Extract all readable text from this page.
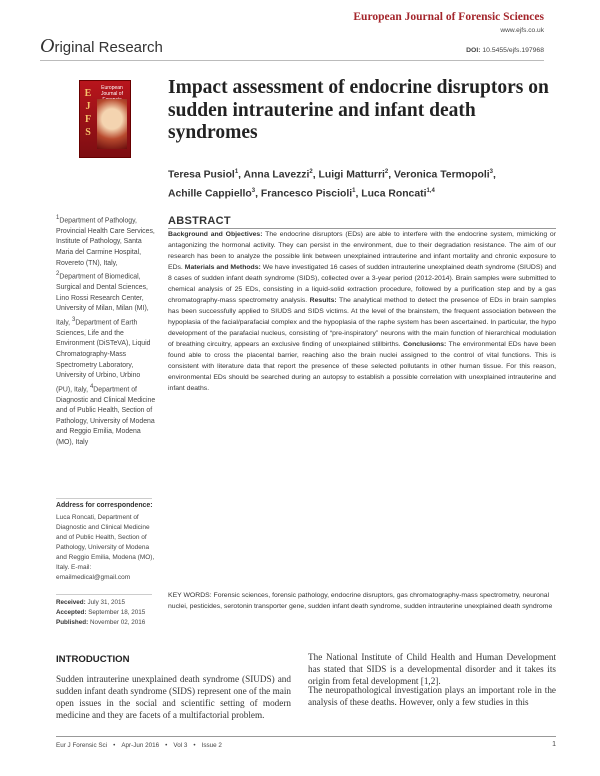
European Journal of Forensic Sciences
www.ejfs.co.uk
DOI: 10.5455/ejfs.197968
Original Research
E
J
F
S
European Journal of Impact assessment of endocrine disruptors on sudden intrauterine and infant death syndromes
Teresa Pusiol$^1$, Anna Lavezzi$^2$, Luigi Matturri$^2$, Veronica Termopoli$^3$,
Achille Cappiello$^3$, Francesco Piscioli$^1$, Luca Roncati$^{1,4}$
$^1$Department of Pathology, Provincial Health Care Services, Institute of Pathology, Santa Maria del Carmine Hospital, Rovereto (TN), Italy, $^2$Department of Biomedical, Surgical and Dental Sciences, Lino Rossi Research Center, University of Milan, Milan (MI), Italy, $^3$Department of Earth Sciences, Life and the Environment (DiSTeVA), Liquid Chromatography-Mass Spectrometry Laboratory, University of Urbino, Urbino (PU), Italy, $^4$Department of Diagnostic and Clinical Medicine and of Public Health, Section of Pathology, University of Modena and Reggio Emilia, Modena (MO), Italy
Address for correspondence:
Luca Roncati, Department of Diagnostic and Clinical Medicine and of Public Health, Section of Pathology, University of Modena and Reggio Emilia, Modena (MO), Italy. E-mail: emailmedical@gmail.com
Received: July 31, 2015
Accepted: September 18, 2015
Published: November 02, 2016
ABSTRACT
Background and Objectives: The endocrine disruptors (EDs) are able to interfere with the endocrine system, mimicking or antagonizing the hormonal activity. They can persist in the environment, due to their degradation resistance. The aim of our research has been to analyze the possible link between unexplained intrauterine and infant mortality and chronic exposure to EDs. Materials and Methods: We have investigated 16 cases of sudden intrauterine unexplained death syndrome (SIUDS) and 8 cases of sudden infant death syndrome (SIDS), collected over a 3-year period (2012-2014). Brain samples were submitted to chemical analysis of 25 EDs, consisting in a liquid-solid extraction procedure, followed by a purification step and by a gas chromatography-mass spectrometry analysis. Results: The analytical method to detect the presence of EDs in brain samples has been successfully applied to SIUDS and SIDS victims. At the level of the brainstem, the frequent association between the hypoplasia of the facial/parafacial complex and the hypoplasia of the raphe system has been ascertained. In particular, the hypo development of the parafacial nucleus, consisting of “pre-inspiratory” neurons with the main function of hierarchical modulation of breathing circuitry, appears an exclusive finding of unexplained stillbirths. Conclusions: The environmental EDs have been found able to cross the placental barrier, reaching also the brain nuclei assigned to the control of vital functions. This is consistent with literature data that report the presence of these selected pollutants in other human tissue. For this reason, environmental EDs should be searched during an autopsy to establish a possible correlation with unexplained intrauterine and infant deaths.
KEY WORDS: Forensic sciences, forensic pathology, endocrine disruptors, gas chromatography-mass spectrometry, neuronal nuclei, pesticides, serotonin transporter gene, sudden infant death syndrome, sudden intrauterine unexplained death syndrome
INTRODUCTION
Sudden intrauterine unexplained death syndrome (SIUDS) and sudden infant death syndrome (SIDS) represent one of the main open issues in the social and scientific setting of modern medicine and they are facets of a multifactorial problem.
The National Institute of Child Health and Human Development has stated that SIDS is a developmental disorder and it takes its origin from fetal development [1,2].
The neuropathological investigation plays an important role in the analysis of these deaths. However, only a few studies in this
Eur J Forensic Sci • Apr-Jun 2016 • Vol 3 • Issue 2	1
